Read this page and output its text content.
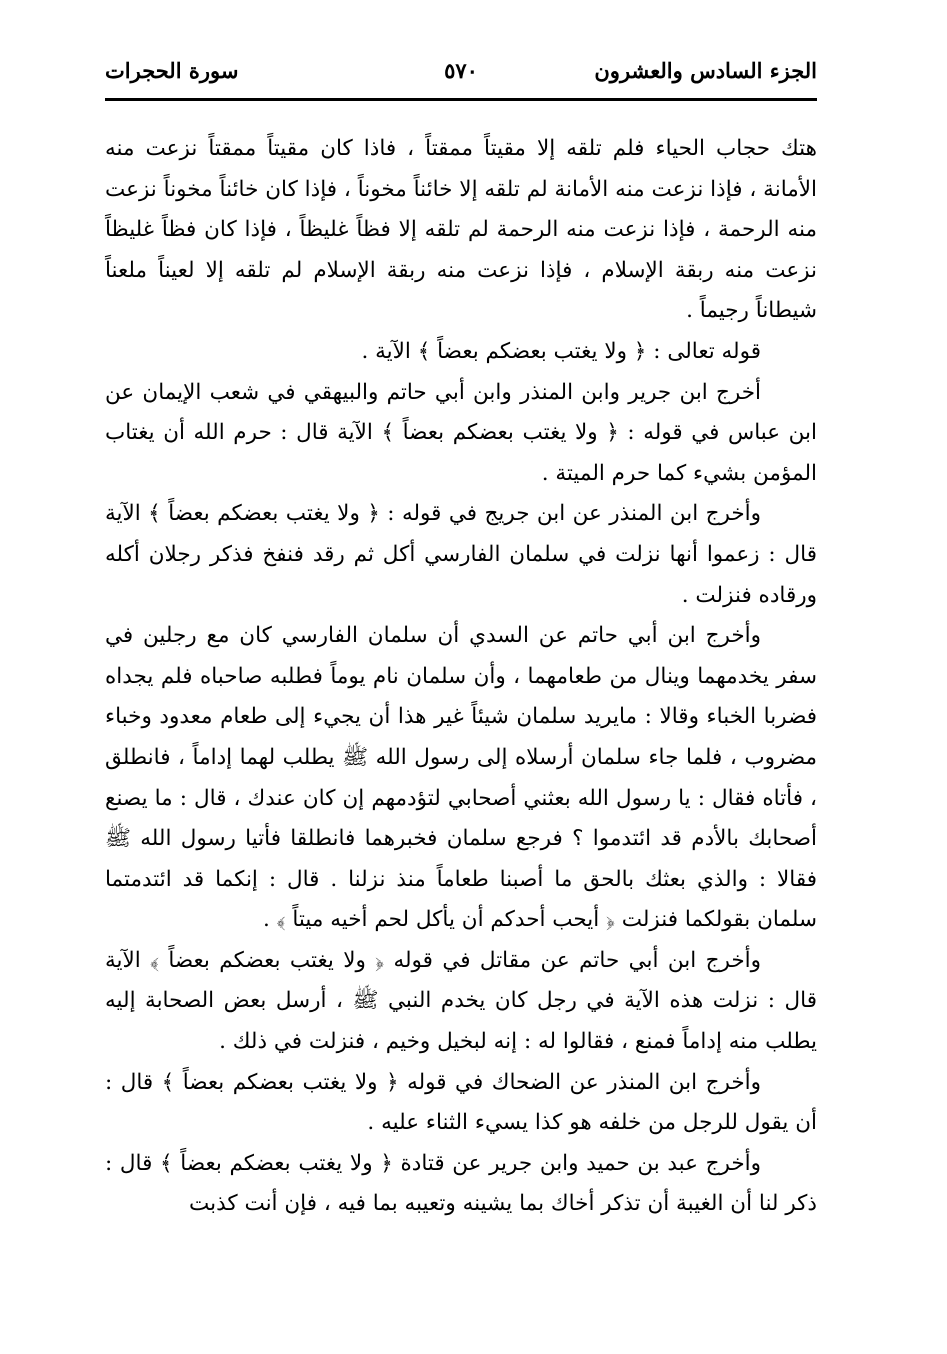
الجزء السادس والعشرون
٥٧٠
سورة الحجرات

هتك حجاب الحياء فلم تلقه إلا مقيتاً ممقتاً ، فاذا كان مقيتاً ممقتاً نزعت منه الأمانة ، فإذا نزعت منه الأمانة لم تلقه إلا خائناً مخوناً ، فإذا كان خائناً مخوناً نزعت منه الرحمة ، فإذا نزعت منه الرحمة لم تلقه إلا فظاً غليظاً ، فإذا كان فظاً غليظاً نزعت منه ربقة الإسلام ، فإذا نزعت منه ربقة الإسلام لم تلقه إلا لعيناً ملعناً شيطاناً رجيماً .

قوله تعالى : ﴿ ولا يغتب بعضكم بعضاً ﴾ الآية .

أخرج ابن جرير وابن المنذر وابن أبي حاتم والبيهقي في شعب الإيمان عن ابن عباس في قوله : ﴿ ولا يغتب بعضكم بعضاً ﴾ الآية قال : حرم الله أن يغتاب المؤمن بشيء كما حرم الميتة .

وأخرج ابن المنذر عن ابن جريج في قوله : ﴿ ولا يغتب بعضكم بعضاً ﴾ الآية قال : زعموا أنها نزلت في سلمان الفارسي أكل ثم رقد فنفخ فذكر رجلان أكله ورقاده فنزلت .

وأخرج ابن أبي حاتم عن السدي أن سلمان الفارسي كان مع رجلين في سفر يخدمهما وينال من طعامهما ، وأن سلمان نام يوماً فطلبه صاحباه فلم يجداه فضربا الخباء وقالا : مايريد سلمان شيئاً غير هذا أن يجيء إلى طعام معدود وخباء مضروب ، فلما جاء سلمان أرسلاه إلى رسول الله ﷺ يطلب لهما إداماً ، فانطلق ، فأتاه فقال : يا رسول الله بعثني أصحابي لتؤدمهم إن كان عندك ، قال : ما يصنع أصحابك بالأدم قد ائتدموا ؟ فرجع سلمان فخبرهما فانطلقا فأتيا رسول الله ﷺ فقالا : والذي بعثك بالحق ما أصبنا طعاماً منذ نزلنا . قال : إنكما قد ائتدمتما سلمان بقولكما فنزلت ﴿ أيحب أحدكم أن يأكل لحم أخيه ميتاً ﴾ .

وأخرج ابن أبي حاتم عن مقاتل في قوله ﴿ ولا يغتب بعضكم بعضاً ﴾ الآية قال : نزلت هذه الآية في رجل كان يخدم النبي ﷺ ، أرسل بعض الصحابة إليه يطلب منه إداماً فمنع ، فقالوا له : إنه لبخيل وخيم ، فنزلت في ذلك .

وأخرج ابن المنذر عن الضحاك في قوله ﴿ ولا يغتب بعضكم بعضاً ﴾ قال : أن يقول للرجل من خلفه هو كذا يسيء الثناء عليه .

وأخرج عبد بن حميد وابن جرير عن قتادة ﴿ ولا يغتب بعضكم بعضاً ﴾ قال : ذكر لنا أن الغيبة أن تذكر أخاك بما يشينه وتعيبه بما فيه ، فإن أنت كذبت
